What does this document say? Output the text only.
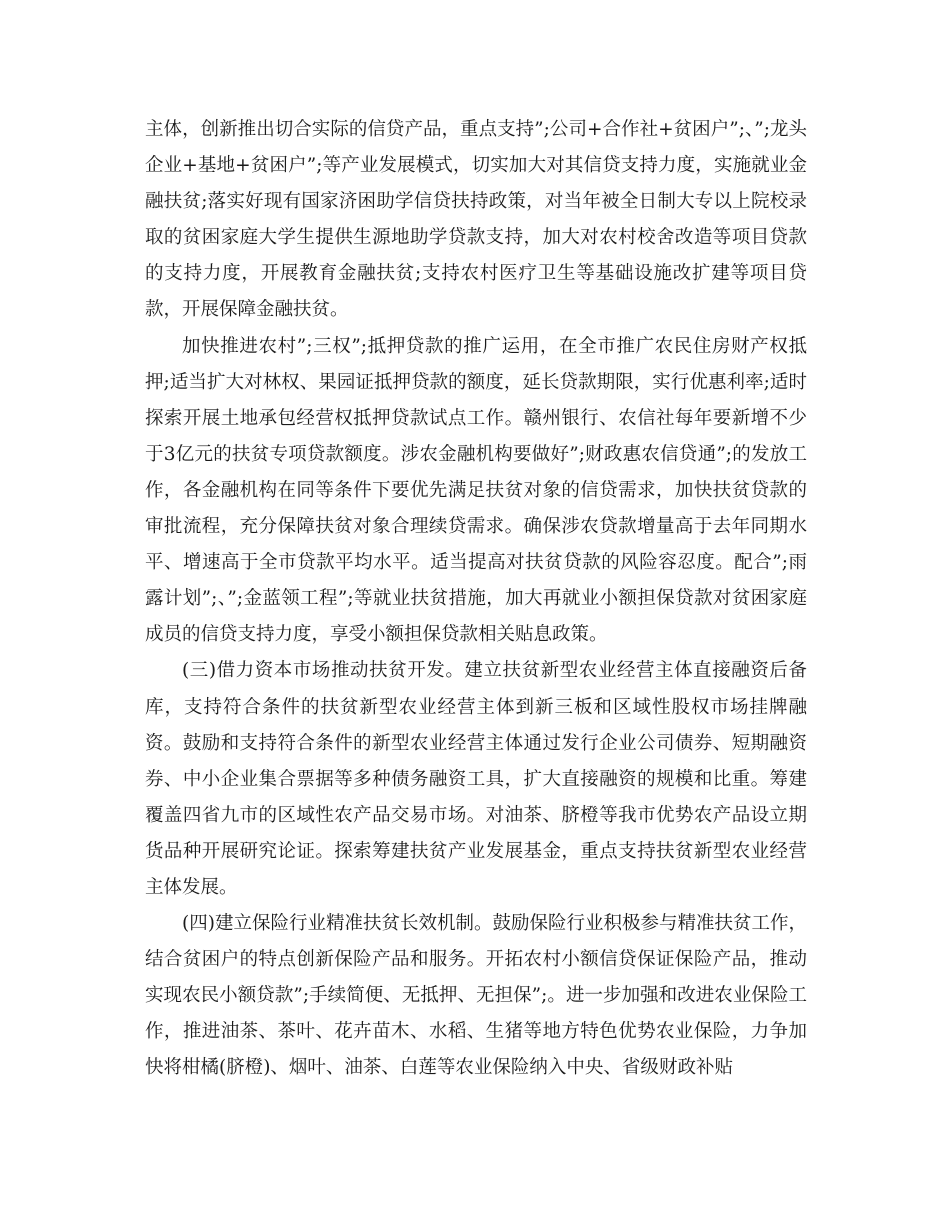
主体，创新推出切合实际的信贷产品，重点支持”;公司+合作社+贫困户”;、”;龙头企业+基地+贫困户”;等产业发展模式，切实加大对其信贷支持力度，实施就业金融扶贫;落实好现有国家济困助学信贷扶持政策，对当年被全日制大专以上院校录取的贫困家庭大学生提供生源地助学贷款支持，加大对农村校舍改造等项目贷款的支持力度，开展教育金融扶贫;支持农村医疗卫生等基础设施改扩建等项目贷款，开展保障金融扶贫。

加快推进农村”;三权”;抵押贷款的推广运用，在全市推广农民住房财产权抵押;适当扩大对林权、果园证抵押贷款的额度，延长贷款期限，实行优惠利率;适时探索开展土地承包经营权抵押贷款试点工作。赣州银行、农信社每年要新增不少于3亿元的扶贫专项贷款额度。涉农金融机构要做好”;财政惠农信贷通”;的发放工作，各金融机构在同等条件下要优先满足扶贫对象的信贷需求，加快扶贫贷款的审批流程，充分保障扶贫对象合理续贷需求。确保涉农贷款增量高于去年同期水平、增速高于全市贷款平均水平。适当提高对扶贫贷款的风险容忍度。配合”;雨露计划”;、”;金蓝领工程”;等就业扶贫措施，加大再就业小额担保贷款对贫困家庭成员的信贷支持力度，享受小额担保贷款相关贴息政策。

(三)借力资本市场推动扶贫开发。建立扶贫新型农业经营主体直接融资后备库，支持符合条件的扶贫新型农业经营主体到新三板和区域性股权市场挂牌融资。鼓励和支持符合条件的新型农业经营主体通过发行企业公司债券、短期融资券、中小企业集合票据等多种债务融资工具，扩大直接融资的规模和比重。筹建覆盖四省九市的区域性农产品交易市场。对油茶、脐橙等我市优势农产品设立期货品种开展研究论证。探索筹建扶贫产业发展基金，重点支持扶贫新型农业经营主体发展。

(四)建立保险行业精准扶贫长效机制。鼓励保险行业积极参与精准扶贫工作，结合贫困户的特点创新保险产品和服务。开拓农村小额信贷保证保险产品，推动实现农民小额贷款”;手续简便、无抵押、无担保”;。进一步加强和改进农业保险工作，推进油茶、茶叶、花卉苗木、水稻、生猪等地方特色优势农业保险，力争加快将柑橘(脐橙)、烟叶、油茶、白莲等农业保险纳入中央、省级财政补贴
